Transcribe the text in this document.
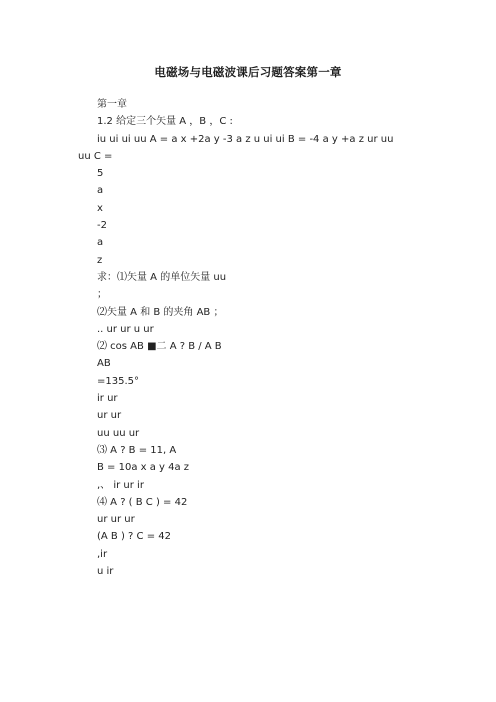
电磁场与电磁波课后习题答案第一章
第一章
1.2 给定三个矢量 A ，B ，C :
iu ui ui uu A = a x +2a y -3 a z u ui ui B = -4 a y +a z ur uu
uu C =
5
a
x
-2
a
z
求：⑴矢量 A 的单位矢量 uu
；
⑵矢量 A 和 B 的夹角 AB ；
.. ur ur u ur
⑵ cos AB ■二 A ? B / A B
AB
=135.5°
ir ur
ur ur
uu uu ur
⑶ A ? B = 11, A
B = 10a x a y 4a z
,、 ir ur ir
⑷ A ? ( B C ) = 42
ur ur ur
(A B ) ? C = 42
,ir
u ir
